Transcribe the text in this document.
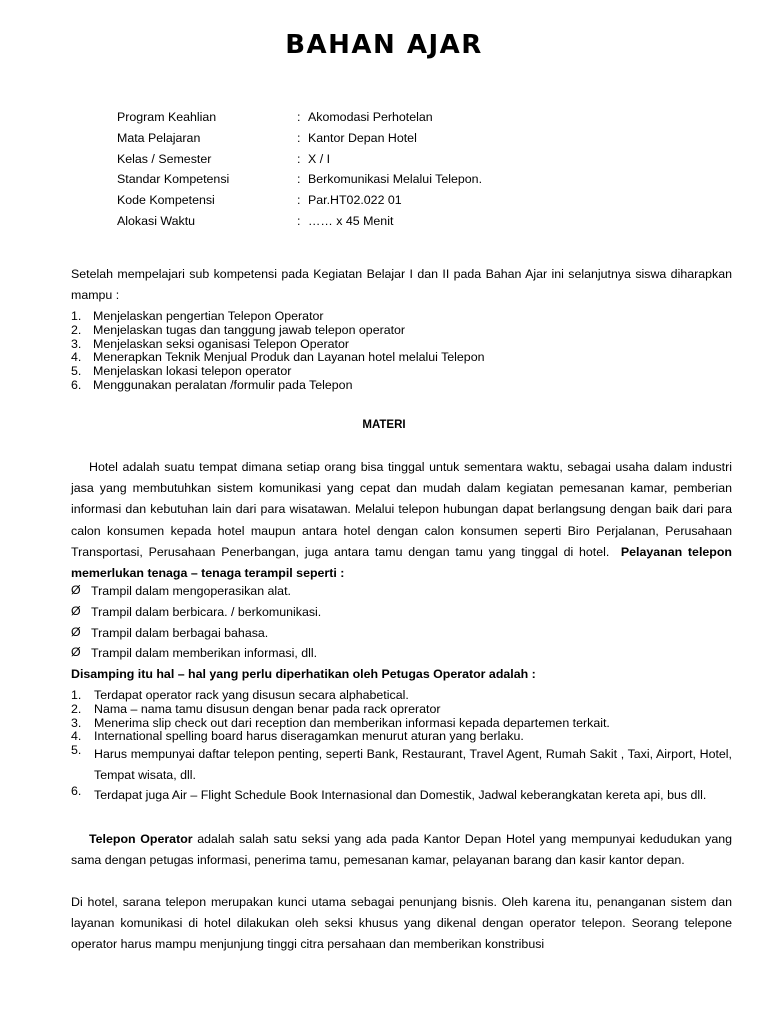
BAHAN AJAR
Program Keahlian	: Akomodasi Perhotelan
Mata Pelajaran	: Kantor Depan Hotel
Kelas / Semester	: X / I
Standar Kompetensi	: Berkomunikasi Melalui Telepon.
Kode Kompetensi	: Par.HT02.022 01
Alokasi Waktu	: …… x 45 Menit
Setelah mempelajari sub kompetensi pada Kegiatan Belajar I dan II pada Bahan Ajar ini selanjutnya siswa diharapkan mampu :
1. Menjelaskan pengertian Telepon Operator
2. Menjelaskan tugas dan tanggung jawab telepon operator
3. Menjelaskan seksi oganisasi Telepon Operator
4. Menerapkan Teknik Menjual Produk dan Layanan hotel melalui Telepon
5. Menjelaskan lokasi telepon operator
6. Menggunakan peralatan /formulir pada Telepon
MATERI
Hotel adalah suatu tempat dimana setiap orang bisa tinggal untuk sementara waktu, sebagai usaha dalam industri jasa yang membutuhkan sistem komunikasi yang cepat dan mudah dalam kegiatan pemesanan kamar, pemberian informasi dan kebutuhan lain dari para wisatawan. Melalui telepon hubungan dapat berlangsung dengan baik dari para calon konsumen kepada hotel maupun antara hotel dengan calon konsumen seperti Biro Perjalanan, Perusahaan Transportasi, Perusahaan Penerbangan, juga antara tamu dengan tamu yang tinggal di hotel. Pelayanan telepon memerlukan tenaga – tenaga terampil seperti :
Ø Trampil dalam mengoperasikan alat.
Ø Trampil dalam berbicara. / berkomunikasi.
Ø Trampil dalam berbagai bahasa.
Ø Trampil dalam memberikan informasi, dll.
Disamping itu hal – hal yang perlu diperhatikan oleh Petugas Operator adalah :
1. Terdapat operator rack yang disusun secara alphabetical.
2. Nama – nama tamu disusun dengan benar pada rack oprerator
3. Menerima slip check out dari reception dan memberikan informasi kepada departemen terkait.
4. International spelling board harus diseragamkan menurut aturan yang berlaku.
5. Harus mempunyai daftar telepon penting, seperti Bank, Restaurant, Travel Agent, Rumah Sakit , Taxi, Airport, Hotel, Tempat wisata, dll.
6. Terdapat juga Air – Flight Schedule Book Internasional dan Domestik, Jadwal keberangkatan kereta api, bus dll.
Telepon Operator adalah salah satu seksi yang ada pada Kantor Depan Hotel yang mempunyai kedudukan yang sama dengan petugas informasi, penerima tamu, pemesanan kamar, pelayanan barang dan kasir kantor depan.
Di hotel, sarana telepon merupakan kunci utama sebagai penunjang bisnis. Oleh karena itu, penanganan sistem dan layanan komunikasi di hotel dilakukan oleh seksi khusus yang dikenal dengan operator telepon. Seorang telepone operator harus mampu menjunjung tinggi citra persahaan dan memberikan konstribusi
